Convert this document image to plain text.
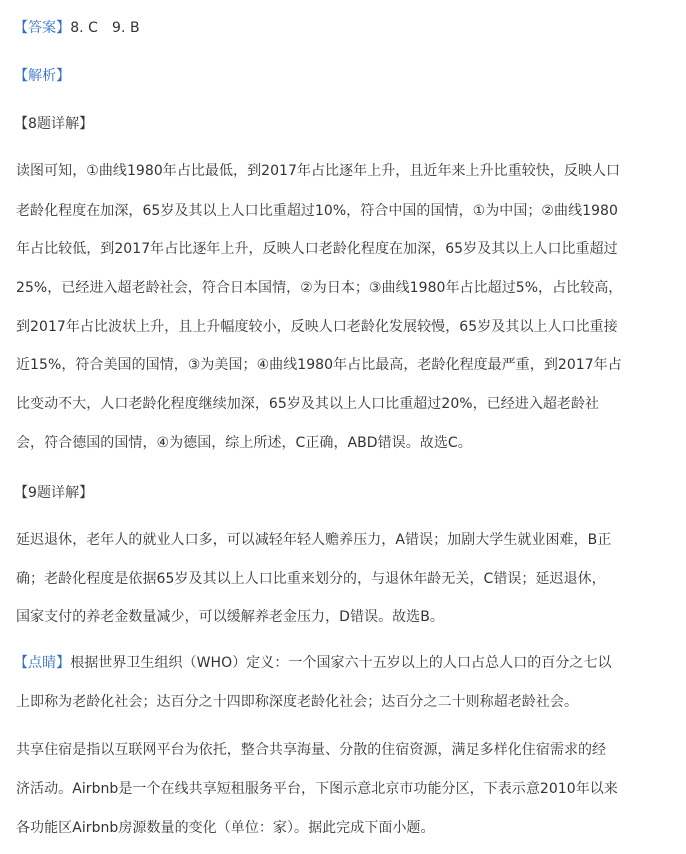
【答案】8. C　9. B
【解析】
【8题详解】
读图可知，①曲线1980年占比最低，到2017年占比逐年上升，且近年来上升比重较快，反映人口
老龄化程度在加深，65岁及其以上人口比重超过10%，符合中国的国情，①为中国；②曲线1980
年占比较低，到2017年占比逐年上升，反映人口老龄化程度在加深，65岁及其以上人口比重超过
25%，已经进入超老龄社会，符合日本国情，②为日本；③曲线1980年占比超过5%，占比较高，
到2017年占比波状上升，且上升幅度较小，反映人口老龄化发展较慢，65岁及其以上人口比重接
近15%，符合美国的国情，③为美国；④曲线1980年占比最高，老龄化程度最严重，到2017年占
比变动不大，人口老龄化程度继续加深，65岁及其以上人口比重超过20%，已经进入超老龄社
会，符合德国的国情，④为德国，综上所述，C正确，ABD错误。故选C。
【9题详解】
延迟退休，老年人的就业人口多，可以减轻年轻人赡养压力，A错误；加剧大学生就业困难，B正
确；老龄化程度是依据65岁及其以上人口比重来划分的，与退休年龄无关，C错误；延迟退休，
国家支付的养老金数量减少，可以缓解养老金压力，D错误。故选B。
【点睛】根据世界卫生组织（WHO）定义：一个国家六十五岁以上的人口占总人口的百分之七以
上即称为老龄化社会；达百分之十四即称深度老龄化社会；达百分之二十则称超老龄社会。
共享住宿是指以互联网平台为依托，整合共享海量、分散的住宿资源，满足多样化住宿需求的经
济活动。Airbnb是一个在线共享短租服务平台，下图示意北京市功能分区，下表示意2010年以来
各功能区Airbnb房源数量的变化（单位：家）。据此完成下面小题。
